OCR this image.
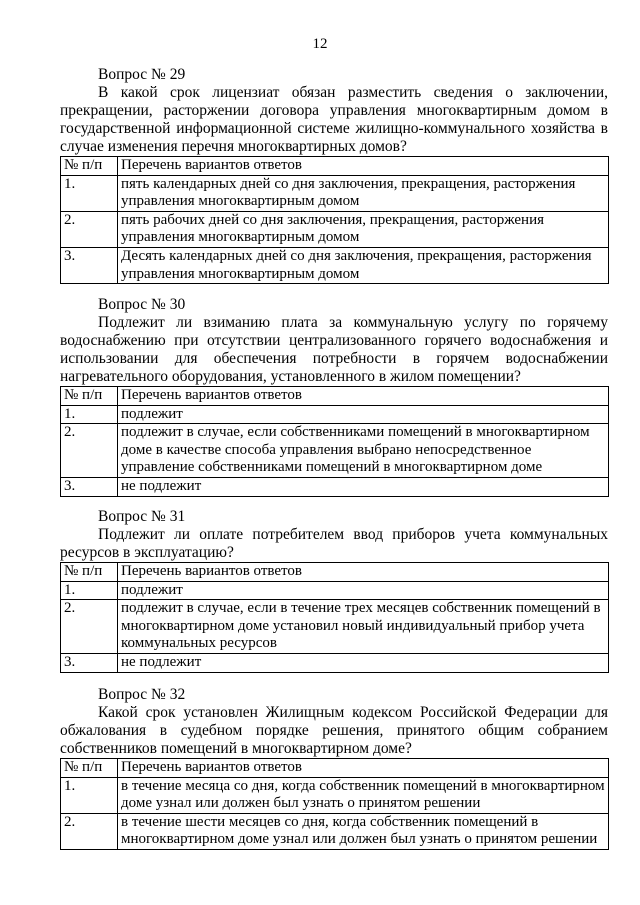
12
Вопрос № 29

В какой срок лицензиат обязан разместить сведения о заключении, прекращении, расторжении договора управления многоквартирным домом в государственной информационной системе жилищно-коммунального хозяйства в случае изменения перечня многоквартирных домов?

№ п/п	Перечень вариантов ответов
1.	пять календарных дней со дня заключения, прекращения, расторжения управления многоквартирным домом
2.	пять рабочих дней со дня заключения, прекращения, расторжения управления многоквартирным домом
3.	Десять календарных дней со дня заключения, прекращения, расторжения управления многоквартирным домом
Вопрос № 30

Подлежит ли взиманию плата за коммунальную услугу по горячему водоснабжению при отсутствии централизованного горячего водоснабжения и использовании для обеспечения потребности в горячем водоснабжении нагревательного оборудования, установленного в жилом помещении?

№ п/п	Перечень вариантов ответов
1.	подлежит
2.	подлежит в случае, если собственниками помещений в многоквартирном доме в качестве способа управления выбрано непосредственное управление собственниками помещений в многоквартирном доме
3.	не подлежит
Вопрос № 31

Подлежит ли оплате потребителем ввод приборов учета коммунальных ресурсов в эксплуатацию?

№ п/п	Перечень вариантов ответов
1.	подлежит
2.	подлежит в случае, если в течение трех месяцев собственник помещений в многоквартирном доме установил новый индивидуальный прибор учета коммунальных ресурсов
3.	не подлежит
Вопрос № 32

Какой срок установлен Жилищным кодексом Российской Федерации для обжалования в судебном порядке решения, принятого общим собранием собственников помещений в многоквартирном доме?

№ п/п	Перечень вариантов ответов
1.	в течение месяца со дня, когда собственник помещений в многоквартирном доме узнал или должен был узнать о принятом решении
2.	в течение шести месяцев со дня, когда собственник помещений в многоквартирном доме узнал или должен был узнать о принятом решении
